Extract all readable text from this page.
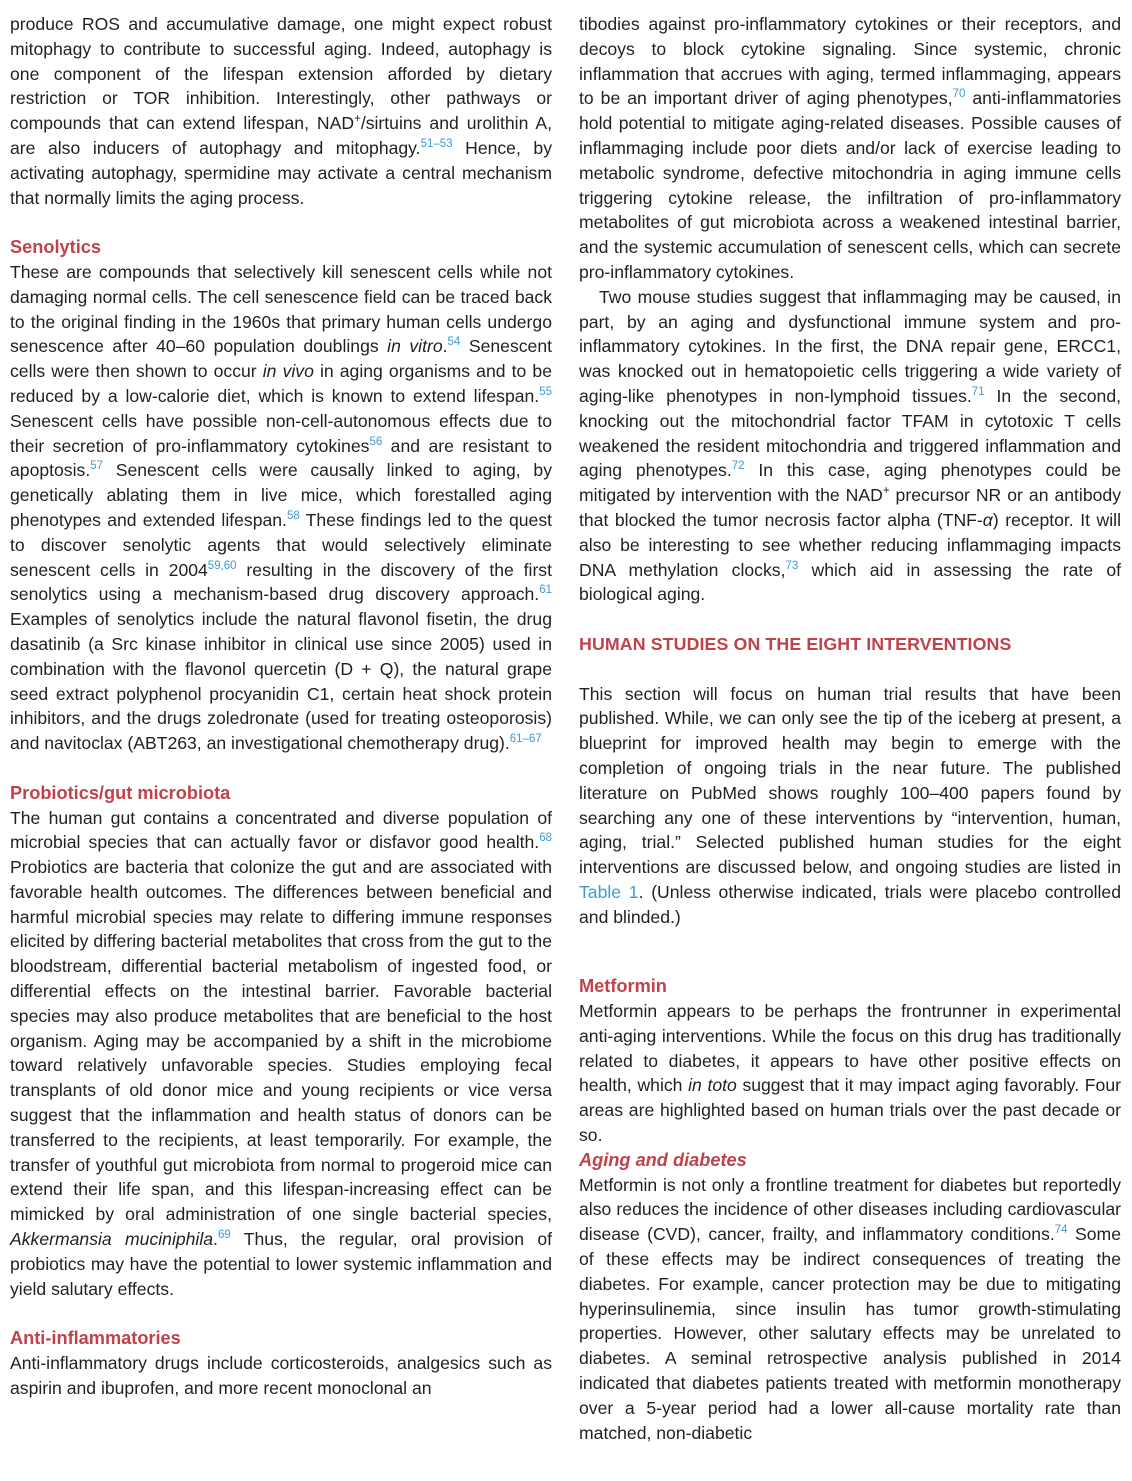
produce ROS and accumulative damage, one might expect robust mitophagy to contribute to successful aging. Indeed, autophagy is one component of the lifespan extension afforded by dietary restriction or TOR inhibition. Interestingly, other pathways or compounds that can extend lifespan, NAD+/sirtuins and urolithin A, are also inducers of autophagy and mitophagy.$^{51-53}$ Hence, by activating autophagy, spermidine may activate a central mechanism that normally limits the aging process.

Senolytics

These are compounds that selectively kill senescent cells while not damaging normal cells. The cell senescence field can be traced back to the original finding in the 1960s that primary human cells undergo senescence after 40–60 population doublings in vitro.$^{54}$ Senescent cells were then shown to occur in vivo in aging organisms and to be reduced by a low-calorie diet, which is known to extend lifespan.$^{55}$ Senescent cells have possible non-cell-autonomous effects due to their secretion of pro-inflammatory cytokines$^{56}$ and are resistant to apoptosis.$^{57}$ Senescent cells were causally linked to aging, by genetically ablating them in live mice, which forestalled aging phenotypes and extended lifespan.$^{58}$ These findings led to the quest to discover senolytic agents that would selectively eliminate senescent cells in 2004$^{59,60}$ resulting in the discovery of the first senolytics using a mechanism-based drug discovery approach.$^{61}$ Examples of senolytics include the natural flavonol fisetin, the drug dasatinib (a Src kinase inhibitor in clinical use since 2005) used in combination with the flavonol quercetin (D + Q), the natural grape seed extract polyphenol procyanidin C1, certain heat shock protein inhibitors, and the drugs zoledronate (used for treating osteoporosis) and navitoclax (ABT263, an investigational chemotherapy drug).$^{61-67}$

Probiotics/gut microbiota

The human gut contains a concentrated and diverse population of microbial species that can actually favor or disfavor good health.$^{68}$ Probiotics are bacteria that colonize the gut and are associated with favorable health outcomes. The differences between beneficial and harmful microbial species may relate to differing immune responses elicited by differing bacterial metabolites that cross from the gut to the bloodstream, differential bacterial metabolism of ingested food, or differential effects on the intestinal barrier. Favorable bacterial species may also produce metabolites that are beneficial to the host organism. Aging may be accompanied by a shift in the microbiome toward relatively unfavorable species. Studies employing fecal transplants of old donor mice and young recipients or vice versa suggest that the inflammation and health status of donors can be transferred to the recipients, at least temporarily. For example, the transfer of youthful gut microbiota from normal to progeroid mice can extend their life span, and this lifespan-increasing effect can be mimicked by oral administration of one single bacterial species, Akkermansia muciniphila.$^{69}$ Thus, the regular, oral provision of probiotics may have the potential to lower systemic inflammation and yield salutary effects.

Anti-inflammatories

Anti-inflammatory drugs include corticosteroids, analgesics such as aspirin and ibuprofen, and more recent monoclonal an

tibodies against pro-inflammatory cytokines or their receptors, and decoys to block cytokine signaling. Since systemic, chronic inflammation that accrues with aging, termed inflammaging, appears to be an important driver of aging phenotypes,$^{70}$ anti-inflammatories hold potential to mitigate aging-related diseases. Possible causes of inflammaging include poor diets and/or lack of exercise leading to metabolic syndrome, defective mitochondria in aging immune cells triggering cytokine release, the infiltration of pro-inflammatory metabolites of gut microbiota across a weakened intestinal barrier, and the systemic accumulation of senescent cells, which can secrete pro-inflammatory cytokines.

Two mouse studies suggest that inflammaging may be caused, in part, by an aging and dysfunctional immune system and pro-inflammatory cytokines. In the first, the DNA repair gene, ERCC1, was knocked out in hematopoietic cells triggering a wide variety of aging-like phenotypes in non-lymphoid tissues.$^{71}$ In the second, knocking out the mitochondrial factor TFAM in cytotoxic T cells weakened the resident mitochondria and triggered inflammation and aging phenotypes.$^{72}$ In this case, aging phenotypes could be mitigated by intervention with the NAD+ precursor NR or an antibody that blocked the tumor necrosis factor alpha (TNF-α) receptor. It will also be interesting to see whether reducing inflammaging impacts DNA methylation clocks,$^{73}$ which aid in assessing the rate of biological aging.

HUMAN STUDIES ON THE EIGHT INTERVENTIONS

This section will focus on human trial results that have been published. While, we can only see the tip of the iceberg at present, a blueprint for improved health may begin to emerge with the completion of ongoing trials in the near future. The published literature on PubMed shows roughly 100–400 papers found by searching any one of these interventions by “intervention, human, aging, trial.” Selected published human studies for the eight interventions are discussed below, and ongoing studies are listed in Table 1. (Unless otherwise indicated, trials were placebo controlled and blinded.)

Metformin

Metformin appears to be perhaps the frontrunner in experimental anti-aging interventions. While the focus on this drug has traditionally related to diabetes, it appears to have other positive effects on health, which in toto suggest that it may impact aging favorably. Four areas are highlighted based on human trials over the past decade or so.

Aging and diabetes

Metformin is not only a frontline treatment for diabetes but reportedly also reduces the incidence of other diseases including cardiovascular disease (CVD), cancer, frailty, and inflammatory conditions.$^{74}$ Some of these effects may be indirect consequences of treating the diabetes. For example, cancer protection may be due to mitigating hyperinsulinemia, since insulin has tumor growth-stimulating properties. However, other salutary effects may be unrelated to diabetes. A seminal retrospective analysis published in 2014 indicated that diabetes patients treated with metformin monotherapy over a 5-year period had a lower all-cause mortality rate than matched, non-diabetic
